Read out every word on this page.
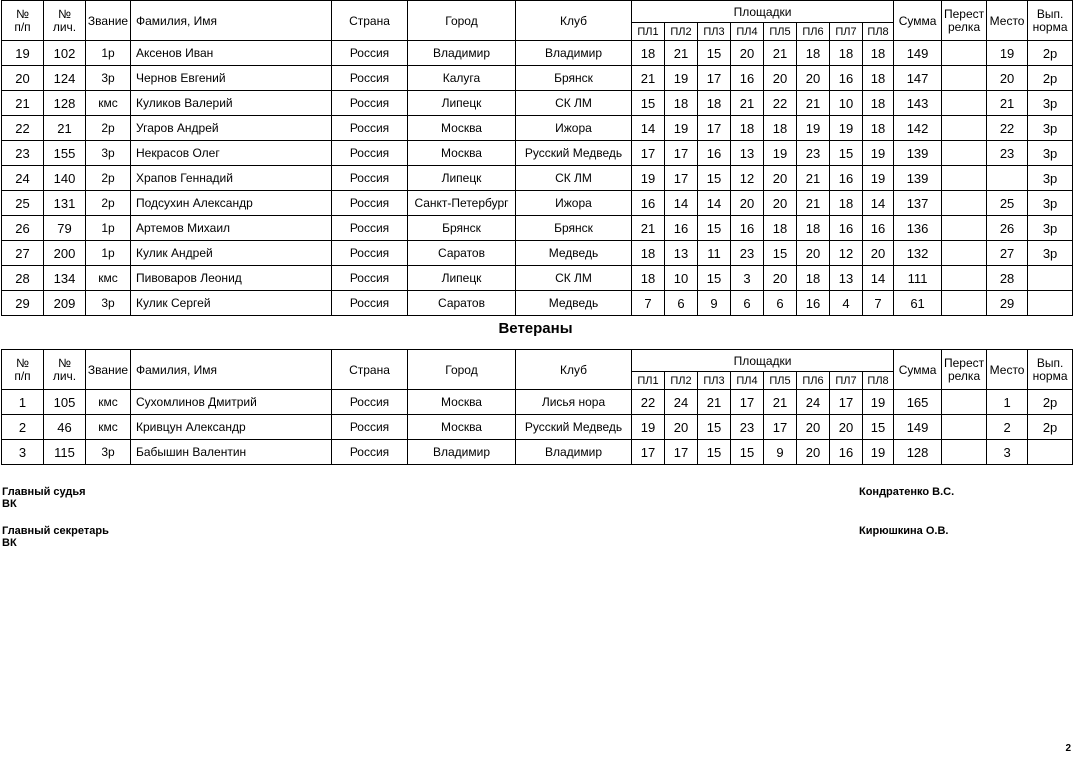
№
п/п	№
лич.	Звание	Фамилия, Имя	Страна	Город	Клуб	Площадки								Сумма	Перест
релка	Место	Вып.
норма
							ПЛ1	ПЛ2	ПЛ3	ПЛ4	ПЛ5	ПЛ6	ПЛ7	ПЛ8				
19	102	1р	Аксенов Иван	Россия	Владимир	Владимир	18	21	15	20	21	18	18	18	149		19	2р
20	124	3р	Чернов Евгений	Россия	Калуга	Брянск	21	19	17	16	20	20	16	18	147		20	2р
21	128	кмс	Куликов Валерий	Россия	Липецк	СК ЛМ	15	18	18	21	22	21	10	18	143		21	3р
22	21	2р	Угаров Андрей	Россия	Москва	Ижора	14	19	17	18	18	19	19	18	142		22	3р
23	155	3р	Некрасов Олег	Россия	Москва	Русский Медведь	17	17	16	13	19	23	15	19	139		23	3р
24	140	2р	Храпов Геннадий	Россия	Липецк	СК ЛМ	19	17	15	12	20	21	16	19	139			3р
25	131	2р	Подсухин Александр	Россия	Санкт-Петербург	Ижора	16	14	14	20	20	21	18	14	137		25	3р
26	79	1р	Артемов Михаил	Россия	Брянск	Брянск	21	16	15	16	18	18	16	16	136		26	3р
27	200	1р	Кулик Андрей	Россия	Саратов	Медведь	18	13	11	23	15	20	12	20	132		27	3р
28	134	кмс	Пивоваров Леонид	Россия	Липецк	СК ЛМ	18	10	15	3	20	18	13	14	111		28	
29	209	3р	Кулик Сергей	Россия	Саратов	Медведь	7	6	9	6	6	16	4	7	61		29	
Ветераны
№
п/п	№
лич.	Звание	Фамилия, Имя	Страна	Город	Клуб	Площадки								Сумма	Перест
релка	Место	Вып.
норма
							ПЛ1	ПЛ2	ПЛ3	ПЛ4	ПЛ5	ПЛ6	ПЛ7	ПЛ8				
1	105	кмс	Сухомлинов Дмитрий	Россия	Москва	Лисья нора	22	24	21	17	21	24	17	19	165		1	2р
2	46	кмс	Кривцун Александр	Россия	Москва	Русский Медведь	19	20	15	23	17	20	20	15	149		2	2р
3	115	3р	Бабышин Валентин	Россия	Владимир	Владимир	17	17	15	15	9	20	16	19	128		3	
Главный судья
ВК
Кондратенко В.С.
Главный секретарь
ВК
Кирюшкина О.В.
2
